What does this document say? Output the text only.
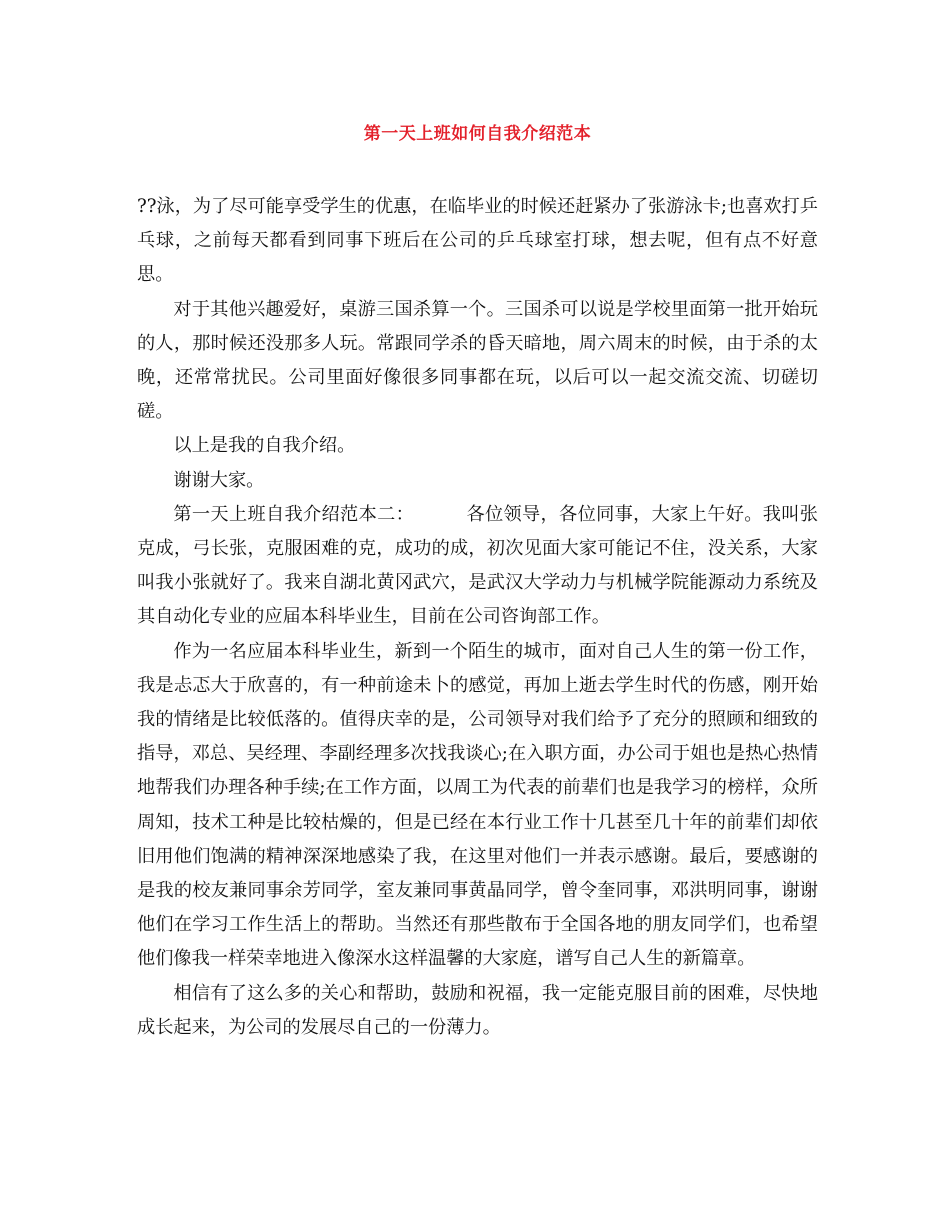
第一天上班如何自我介绍范本

??泳，为了尽可能享受学生的优惠，在临毕业的时候还赶紧办了张游泳卡;也喜欢打乒乓球，之前每天都看到同事下班后在公司的乒乓球室打球，想去呢，但有点不好意思。

对于其他兴趣爱好，桌游三国杀算一个。三国杀可以说是学校里面第一批开始玩的人，那时候还没那多人玩。常跟同学杀的昏天暗地，周六周末的时候，由于杀的太晚，还常常扰民。公司里面好像很多同事都在玩，以后可以一起交流交流、切磋切磋。

以上是我的自我介绍。

谢谢大家。

第一天上班自我介绍范本二：	各位领导，各位同事，大家上午好。我叫张克成，弓长张，克服困难的克，成功的成，初次见面大家可能记不住，没关系，大家叫我小张就好了。我来自湖北黄冈武穴，是武汉大学动力与机械学院能源动力系统及其自动化专业的应届本科毕业生，目前在公司咨询部工作。

作为一名应届本科毕业生，新到一个陌生的城市，面对自己人生的第一份工作，我是忐忑大于欣喜的，有一种前途未卜的感觉，再加上逝去学生时代的伤感，刚开始我的情绪是比较低落的。值得庆幸的是，公司领导对我们给予了充分的照顾和细致的指导，邓总、吴经理、李副经理多次找我谈心;在入职方面，办公司于姐也是热心热情地帮我们办理各种手续;在工作方面，以周工为代表的前辈们也是我学习的榜样，众所周知，技术工种是比较枯燥的，但是已经在本行业工作十几甚至几十年的前辈们却依旧用他们饱满的精神深深地感染了我，在这里对他们一并表示感谢。最后，要感谢的是我的校友兼同事余芳同学，室友兼同事黄晶同学，曾令奎同事，邓洪明同事，谢谢他们在学习工作生活上的帮助。当然还有那些散布于全国各地的朋友同学们，也希望他们像我一样荣幸地进入像深水这样温馨的大家庭，谱写自己人生的新篇章。

相信有了这么多的关心和帮助，鼓励和祝福，我一定能克服目前的困难，尽快地成长起来，为公司的发展尽自己的一份薄力。
